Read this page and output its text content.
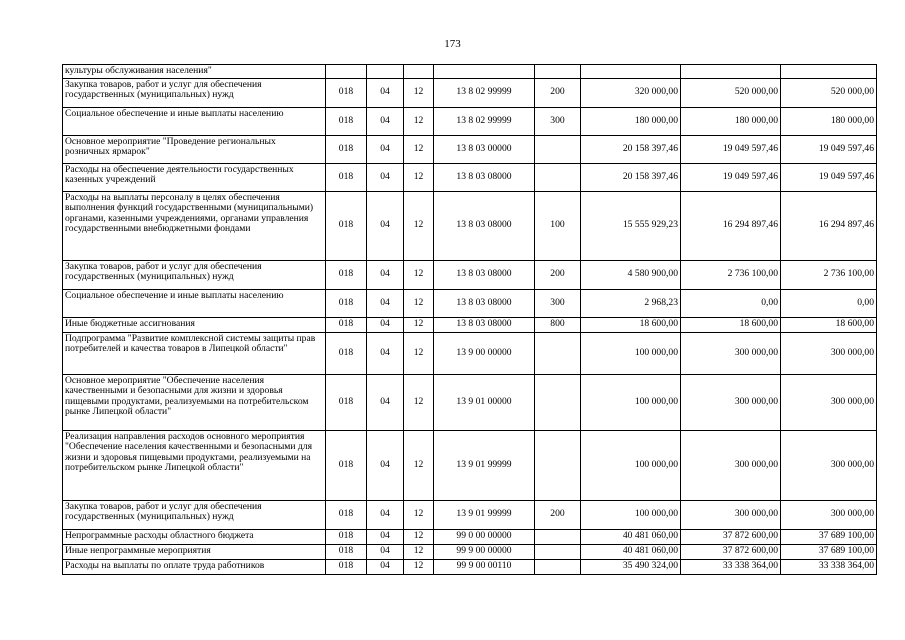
173
культуры обслуживания населения"								
Закупка товаров, работ и услуг для обеспечения государственных (муниципальных) нужд	018	04	12	13 8 02 99999	200	320 000,00	520 000,00	520 000,00
Социальное обеспечение и иные выплаты населению	018	04	12	13 8 02 99999	300	180 000,00	180 000,00	180 000,00
Основное мероприятие "Проведение региональных розничных ярмарок"	018	04	12	13 8 03 00000		20 158 397,46	19 049 597,46	19 049 597,46
Расходы на обеспечение деятельности государственных казенных учреждений	018	04	12	13 8 03 08000		20 158 397,46	19 049 597,46	19 049 597,46
Расходы на выплаты персоналу в целях обеспечения выполнения функций государственными (муниципальными) органами, казенными учреждениями, органами управления государственными внебюджетными фондами	018	04	12	13 8 03 08000	100	15 555 929,23	16 294 897,46	16 294 897,46
Закупка товаров, работ и услуг для обеспечения государственных (муниципальных) нужд	018	04	12	13 8 03 08000	200	4 580 900,00	2 736 100,00	2 736 100,00
Социальное обеспечение и иные выплаты населению	018	04	12	13 8 03 08000	300	2 968,23	0,00	0,00
Иные бюджетные ассигнования	018	04	12	13 8 03 08000	800	18 600,00	18 600,00	18 600,00
Подпрограмма "Развитие комплексной системы защиты прав потребителей и качества товаров в Липецкой области"	018	04	12	13 9 00 00000		100 000,00	300 000,00	300 000,00
Основное мероприятие "Обеспечение населения качественными и безопасными для жизни и здоровья пищевыми продуктами, реализуемыми на потребительском рынке Липецкой области"	018	04	12	13 9 01 00000		100 000,00	300 000,00	300 000,00
Реализация направления расходов основного мероприятия "Обеспечение населения качественными и безопасными для жизни и здоровья пищевыми продуктами, реализуемыми на потребительском рынке Липецкой области"	018	04	12	13 9 01 99999		100 000,00	300 000,00	300 000,00
Закупка товаров, работ и услуг для обеспечения государственных (муниципальных) нужд	018	04	12	13 9 01 99999	200	100 000,00	300 000,00	300 000,00
Непрограммные расходы областного бюджета	018	04	12	99 0 00 00000		40 481 060,00	37 872 600,00	37 689 100,00
Иные непрограммные мероприятия	018	04	12	99 9 00 00000		40 481 060,00	37 872 600,00	37 689 100,00
Расходы на выплаты по оплате труда работников	018	04	12	99 9 00 00110		35 490 324,00	33 338 364,00	33 338 364,00
